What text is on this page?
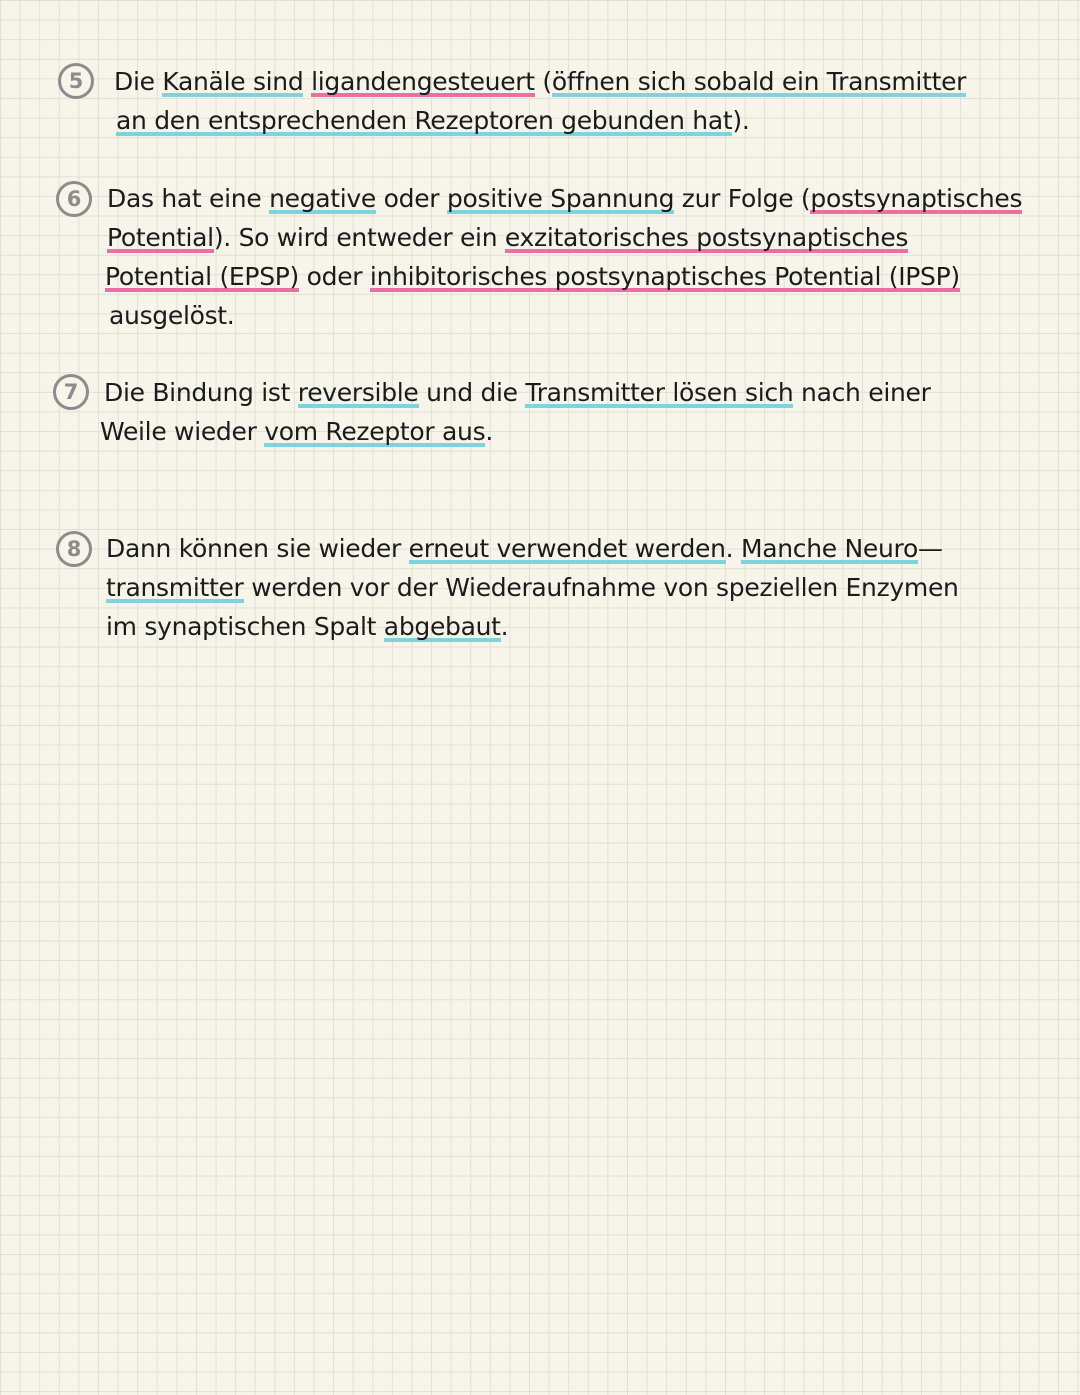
5 Die Kanäle sind ligandengesteuert (öffnen sich sobald ein Transmitter
an den entsprechenden Rezeptoren gebunden hat).
6 Das hat eine negative oder positive Spannung zur Folge (postsynaptisches
Potential). So wird entweder ein exzitatorisches postsynaptisches
Potential (EPSP) oder inhibitorisches postsynaptisches Potential (IPSP)
ausgelöst.
7 Die Bindung ist reversible und die Transmitter lösen sich nach einer
Weile wieder vom Rezeptor aus.
8 Dann können sie wieder erneut verwendet werden. Manche Neuro—
transmitter werden vor der Wiederaufnahme von speziellen Enzymen
im synaptischen Spalt abgebaut.
